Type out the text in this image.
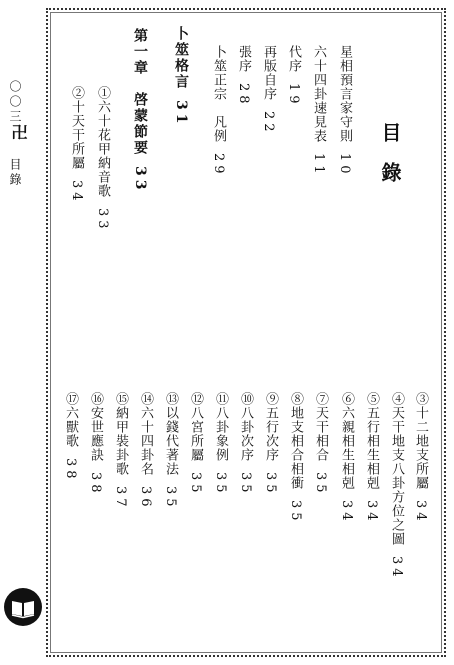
〇〇三
卍
目錄	目　錄
星相預言家守則10
六十四卦速見表11
代序19
再版自序22
張序28
卜筮正宗　凡例29
卜筮格言31
第一章　啓蒙節要33
①六十花甲納音歌33
②十天干所屬34
③十二地支所屬34
④天干地支八卦方位之圖34
⑤五行相生相剋34
⑥六親相生相剋34
⑦天干相合35
⑧地支相合相衝35
⑨五行次序35
⑩八卦次序35
⑪八卦象例35
⑫八宮所屬35
⑬以錢代著法35
⑭六十四卦名36
⑮納甲裝卦歌37
⑯安世應訣38
⑰六獸歌38
